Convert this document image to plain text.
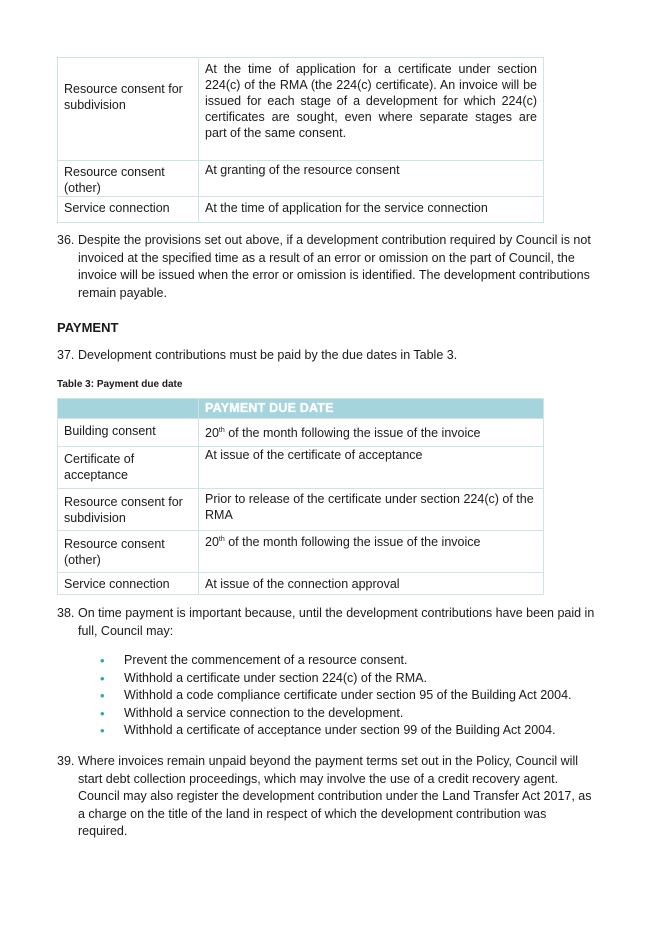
Resource consent for subdivision	At the time of application for a certificate under section 224(c) of the RMA (the 224(c) certificate). An invoice will be issued for each stage of a development for which 224(c) certificates are sought, even where separate stages are part of the same consent.
Resource consent (other)	At granting of the resource consent
Service connection	At the time of application for the service connection
36. Despite the provisions set out above, if a development contribution required by Council is not invoiced at the specified time as a result of an error or omission on the part of Council, the invoice will be issued when the error or omission is identified. The development contributions remain payable.
PAYMENT
37. Development contributions must be paid by the due dates in Table 3.
Table 3: Payment due date
	PAYMENT DUE DATE
Building consent	20th of the month following the issue of the invoice
Certificate of acceptance	At issue of the certificate of acceptance
Resource consent for subdivision	Prior to release of the certificate under section 224(c) of the RMA
Resource consent (other)	20th of the month following the issue of the invoice
Service connection	At issue of the connection approval
38. On time payment is important because, until the development contributions have been paid in full, Council may:
• Prevent the commencement of a resource consent.
• Withhold a certificate under section 224(c) of the RMA.
• Withhold a code compliance certificate under section 95 of the Building Act 2004.
• Withhold a service connection to the development.
• Withhold a certificate of acceptance under section 99 of the Building Act 2004.
39. Where invoices remain unpaid beyond the payment terms set out in the Policy, Council will start debt collection proceedings, which may involve the use of a credit recovery agent. Council may also register the development contribution under the Land Transfer Act 2017, as a charge on the title of the land in respect of which the development contribution was required.
